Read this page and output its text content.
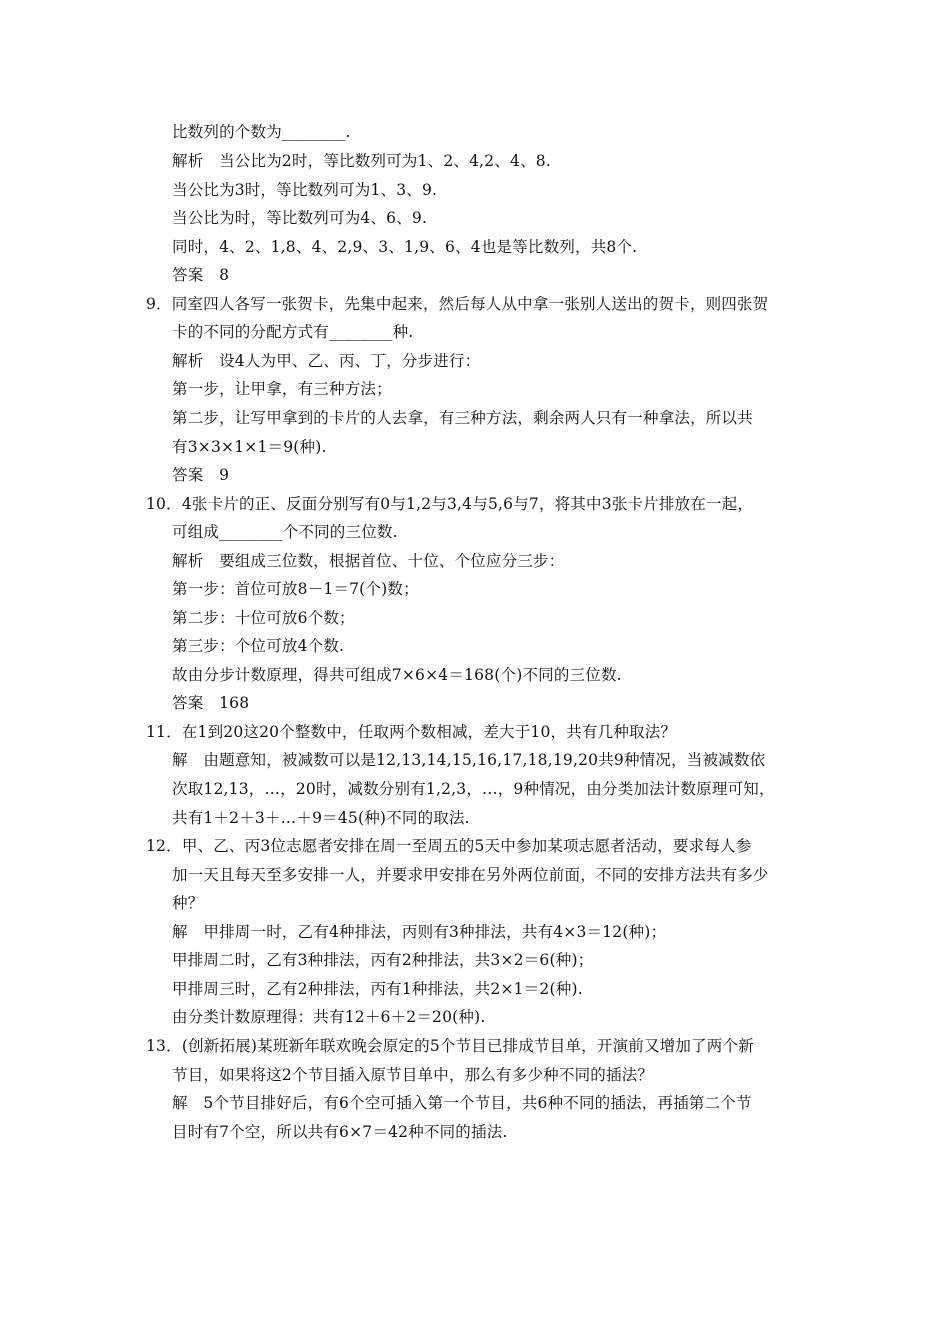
比数列的个数为________.
解析　当公比为2时，等比数列可为1、2、4,2、4、8.
当公比为3时，等比数列可为1、3、9.
当公比为时，等比数列可为4、6、9.
同时，4、2、1,8、4、2,9、3、1,9、6、4也是等比数列，共8个.
答案　8
9．同室四人各写一张贺卡，先集中起来，然后每人从中拿一张别人送出的贺卡，则四张贺
卡的不同的分配方式有________种.
解析　设4人为甲、乙、丙、丁，分步进行：
第一步，让甲拿，有三种方法；
第二步，让写甲拿到的卡片的人去拿，有三种方法，剩余两人只有一种拿法，所以共
有3×3×1×1＝9(种).
答案　9
10．4张卡片的正、反面分别写有0与1,2与3,4与5,6与7，将其中3张卡片排放在一起，
可组成________个不同的三位数.
解析　要组成三位数，根据首位、十位、个位应分三步：
第一步：首位可放8－1＝7(个)数；
第二步：十位可放6个数；
第三步：个位可放4个数.
故由分步计数原理，得共可组成7×6×4＝168(个)不同的三位数.
答案　168
11．在1到20这20个整数中，任取两个数相减，差大于10，共有几种取法？
解　由题意知，被减数可以是12,13,14,15,16,17,18,19,20共9种情况，当被减数依
次取12,13，…，20时，减数分别有1,2,3，…，9种情况，由分类加法计数原理可知，
共有1＋2＋3＋…＋9＝45(种)不同的取法.
12．甲、乙、丙3位志愿者安排在周一至周五的5天中参加某项志愿者活动，要求每人参
加一天且每天至多安排一人，并要求甲安排在另外两位前面，不同的安排方法共有多少
种？
解　甲排周一时，乙有4种排法，丙则有3种排法，共有4×3＝12(种)；
甲排周二时，乙有3种排法，丙有2种排法，共3×2＝6(种)；
甲排周三时，乙有2种排法，丙有1种排法，共2×1＝2(种).
由分类计数原理得：共有12＋6＋2＝20(种).
13．(创新拓展)某班新年联欢晚会原定的5个节目已排成节目单，开演前又增加了两个新
节目，如果将这2个节目插入原节目单中，那么有多少种不同的插法？
解　5个节目排好后，有6个空可插入第一个节目，共6种不同的插法，再插第二个节
目时有7个空，所以共有6×7＝42种不同的插法.
